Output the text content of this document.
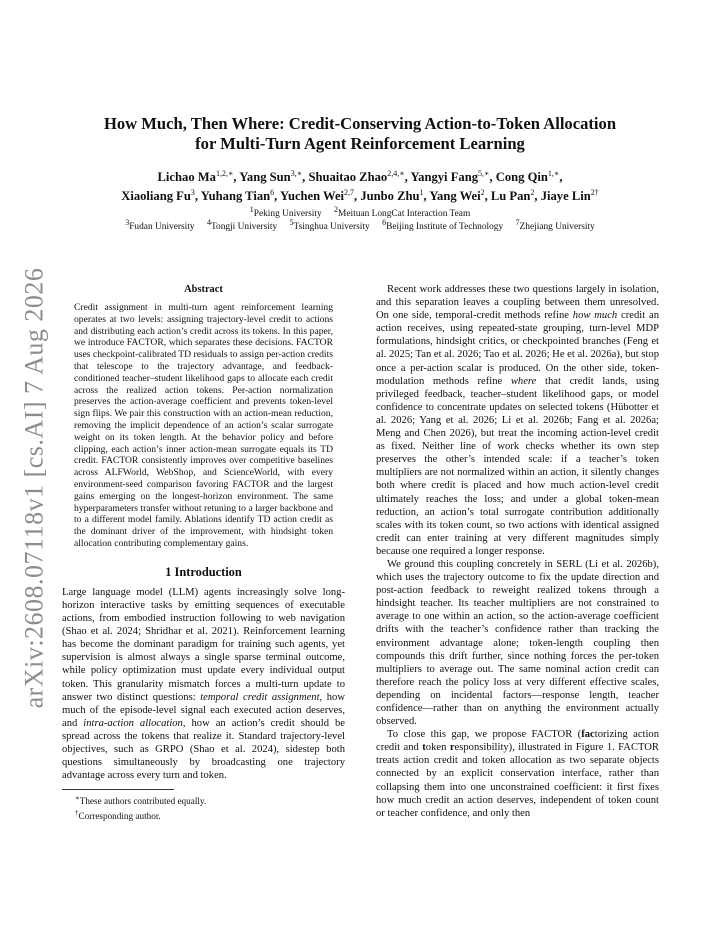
arXiv:2608.07118v1 [cs.AI] 7 Aug 2026
How Much, Then Where: Credit-Conserving Action-to-Token Allocation
for Multi-Turn Agent Reinforcement Learning
Lichao $Ma^{1,2,∗}$, Yang Sun$^{3,∗}$, Shuaitao Zhao$^{2,4,∗}$, Yangyi Fang$^{5,∗}$, Cong Qin$^{1,∗}$,
Xiaoliang Fu$^3$, Yuhang Tian$^6$, Yuchen Wei$^{2,7}$, Junbo Zhu$^1$, Yang Wei$^2$, Lu Pan$^2$, Jiaye Lin$^{2\dagger}$
$^1$Peking University $^2$Meituan LongCat Interaction Team
$^3$Fudan University $^4$Tongji University $^5$Tsinghua University $^6$Beijing Institute of Technology $^7$Zhejiang University
Abstract

Credit assignment in multi-turn agent reinforcement learning operates at two levels: assigning trajectory-level credit to actions and distributing each action’s credit across its tokens. In this paper, we introduce FACTOR, which separates these decisions. FACTOR uses checkpoint-calibrated TD residuals to assign per-action credits that telescope to the trajectory advantage, and feedback-conditioned teacher–student likelihood gaps to allocate each credit across the realized action tokens. Per-action normalization preserves the action-average coefficient and prevents token-level sign flips. We pair this construction with an action-mean reduction, removing the implicit dependence of an action’s scalar surrogate weight on its token length. At the behavior policy and before clipping, each action’s inner action-mean surrogate equals its TD credit. FACTOR consistently improves over competitive baselines across ALFWorld, WebShop, and ScienceWorld, with every environment-seed comparison favoring FACTOR and the largest gains emerging on the longest-horizon environment. The same hyperparameters transfer without retuning to a larger backbone and to a different model family. Ablations identify TD action credit as the dominant driver of the improvement, with hindsight token allocation contributing complementary gains.

1 Introduction

Large language model (LLM) agents increasingly solve long-horizon interactive tasks by emitting sequences of executable actions, from embodied instruction following to web navigation (Shao et al. 2024; Shridhar et al. 2021). Reinforcement learning has become the dominant paradigm for training such agents, yet supervision is almost always a single sparse terminal outcome, while policy optimization must update every individual output token. This granularity mismatch forces a multi-turn update to answer two distinct questions: temporal credit assignment, how much of the episode-level signal each executed action deserves, and intra-action allocation, how an action’s credit should be spread across the tokens that realize it. Standard trajectory-level objectives, such as GRPO (Shao et al. 2024), sidestep both questions simultaneously by broadcasting one trajectory advantage across every turn and token.

∗These authors contributed equally.
†Corresponding author.

Recent work addresses these two questions largely in isolation, and this separation leaves a coupling between them unresolved. On one side, temporal-credit methods refine how much credit an action receives, using repeated-state grouping, turn-level MDP formulations, hindsight critics, or checkpointed branches (Feng et al. 2025; Tan et al. 2026; Tao et al. 2026; He et al. 2026a), but stop once a per-action scalar is produced. On the other side, token-modulation methods refine where that credit lands, using privileged feedback, teacher–student likelihood gaps, or model confidence to concentrate updates on selected tokens (Hübotter et al. 2026; Yang et al. 2026; Li et al. 2026b; Fang et al. 2026a; Meng and Chen 2026), but treat the incoming action-level credit as fixed. Neither line of work checks whether its own step preserves the other’s intended scale: if a teacher’s token multipliers are not normalized within an action, it silently changes both where credit is placed and how much action-level credit ultimately reaches the loss; and under a global token-mean reduction, an action’s total surrogate contribution additionally scales with its token count, so two actions with identical assigned credit can enter training at very different magnitudes simply because one required a longer response.

We ground this coupling concretely in SERL (Li et al. 2026b), which uses the trajectory outcome to fix the update direction and post-action feedback to reweight realized tokens through a hindsight teacher. Its teacher multipliers are not constrained to average to one within an action, so the action-average coefficient drifts with the teacher’s confidence rather than tracking the environment advantage alone; token-length coupling then compounds this drift further, since nothing forces the per-token multipliers to average out. The same nominal action credit can therefore reach the policy loss at very different effective scales, depending on incidental factors—response length, teacher confidence—rather than on anything the environment actually observed.

To close this gap, we propose FACTOR (factorizing action credit and token responsibility), illustrated in Figure 1. FACTOR treats action credit and token allocation as two separate objects connected by an explicit conservation interface, rather than collapsing them into one unconstrained coefficient: it first fixes how much credit an action deserves, independent of token count or teacher confidence, and only then
